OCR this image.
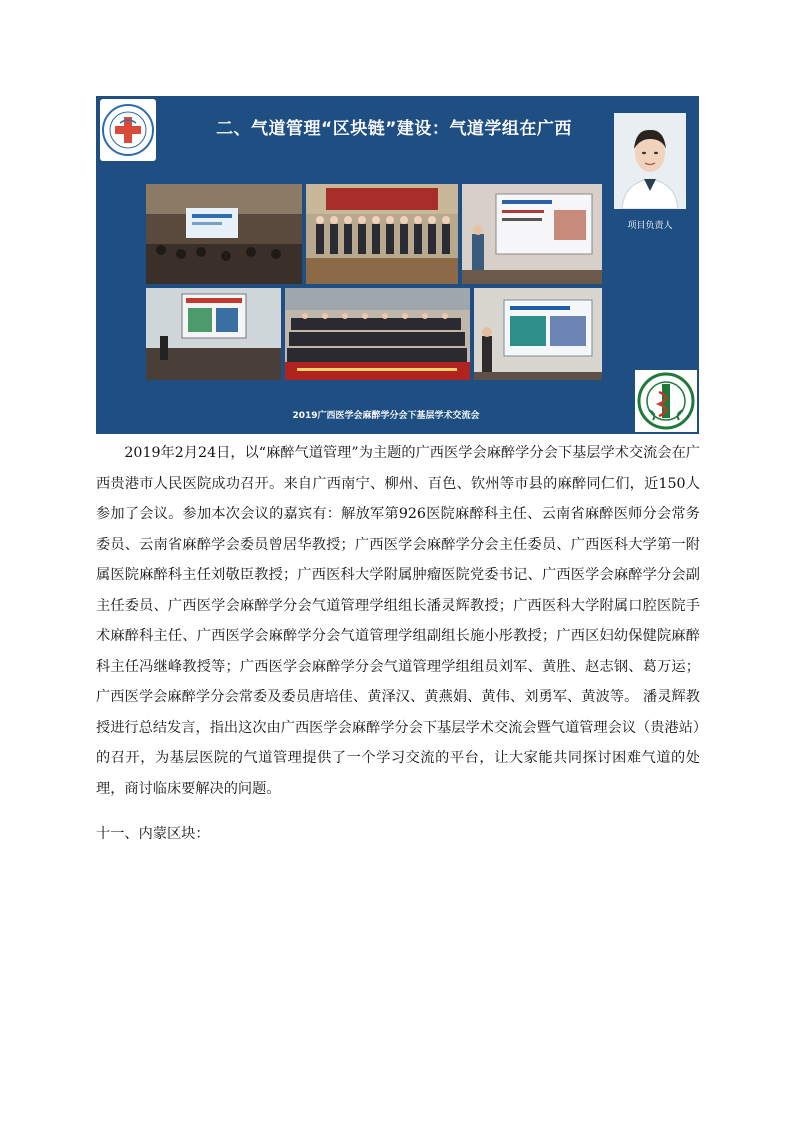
二、气道管理“区块链”建设：气道学组在广西
项目负责人
2019广西医学会麻醉学分会下基层学术交流会

2019年2月24日，以“麻醉气道管理”为主题的广西医学会麻醉学分会下基层学术交流会在广西贵港市人民医院成功召开。来自广西南宁、柳州、百色、钦州等市县的麻醉同仁们，近150人参加了会议。参加本次会议的嘉宾有：解放军第926医院麻醉科主任、云南省麻醉医师分会常务委员、云南省麻醉学会委员曾居华教授；广西医学会麻醉学分会主任委员、广西医科大学第一附属医院麻醉科主任刘敬臣教授；广西医科大学附属肿瘤医院党委书记、广西医学会麻醉学分会副主任委员、广西医学会麻醉学分会气道管理学组组长潘灵辉教授；广西医科大学附属口腔医院手术麻醉科主任、广西医学会麻醉学分会气道管理学组副组长施小彤教授；广西区妇幼保健院麻醉科主任冯继峰教授等；广西医学会麻醉学分会气道管理学组组员刘军、黄胜、赵志钢、葛万运；广西医学会麻醉学分会常委及委员唐培佳、黄泽汉、黄燕娟、黄伟、刘勇军、黄波等。 潘灵辉教授进行总结发言，指出这次由广西医学会麻醉学分会下基层学术交流会暨气道管理会议（贵港站）的召开，为基层医院的气道管理提供了一个学习交流的平台，让大家能共同探讨困难气道的处理，商讨临床要解决的问题。

十一、内蒙区块：
